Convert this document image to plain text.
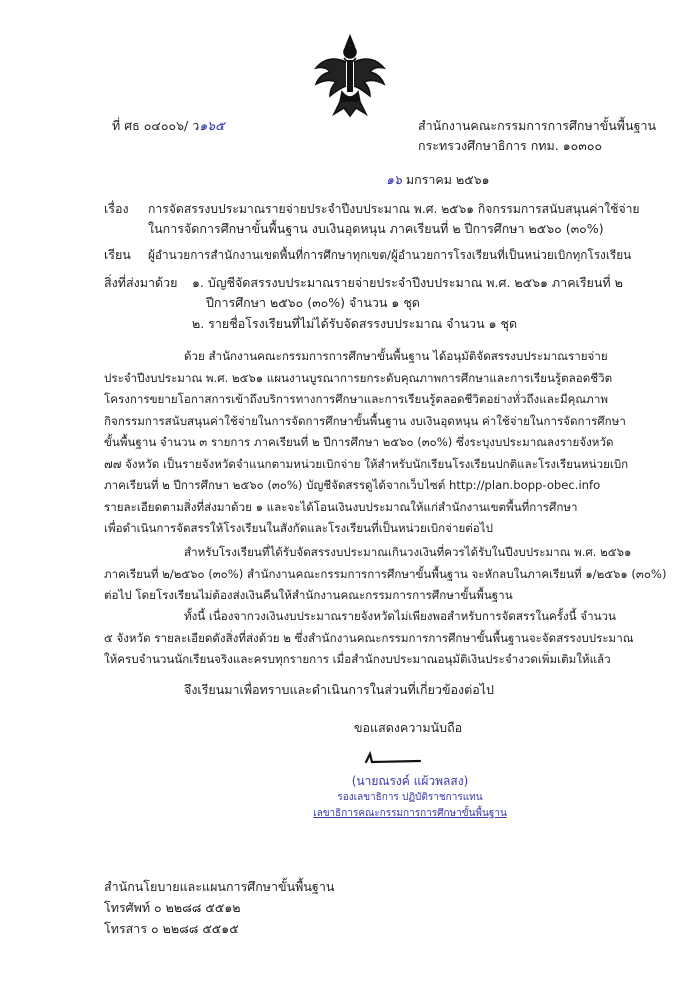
ที่ ศธ ๐๔๐๐๖/ ว๑๖๕	สำนักงานคณะกรรมการการศึกษาขั้นพื้นฐาน
กระทรวงศึกษาธิการ กทม. ๑๐๓๐๐
๑๖ มกราคม ๒๕๖๑
เรื่อง การจัดสรรงบประมาณรายจ่ายประจำปีงบประมาณ พ.ศ. ๒๕๖๑ กิจกรรมการสนับสนุนค่าใช้จ่าย
ในการจัดการศึกษาขั้นพื้นฐาน งบเงินอุดหนุน ภาคเรียนที่ ๒ ปีการศึกษา ๒๕๖๐ (๓๐%)
เรียน ผู้อำนวยการสำนักงานเขตพื้นที่การศึกษาทุกเขต/ผู้อำนวยการโรงเรียนที่เป็นหน่วยเบิกทุกโรงเรียน
สิ่งที่ส่งมาด้วย ๑. บัญชีจัดสรรงบประมาณรายจ่ายประจำปีงบประมาณ พ.ศ. ๒๕๖๑ ภาคเรียนที่ ๒
ปีการศึกษา ๒๕๖๐ (๓๐%) จำนวน ๑ ชุด
๒. รายชื่อโรงเรียนที่ไม่ได้รับจัดสรรงบประมาณ จำนวน ๑ ชุด
ด้วย สำนักงานคณะกรรมการการศึกษาขั้นพื้นฐาน ได้อนุมัติจัดสรรงบประมาณรายจ่าย
ประจำปีงบประมาณ พ.ศ. ๒๕๖๑ แผนงานบูรณาการยกระดับคุณภาพการศึกษาและการเรียนรู้ตลอดชีวิต
โครงการขยายโอกาสการเข้าถึงบริการทางการศึกษาและการเรียนรู้ตลอดชีวิตอย่างทั่วถึงและมีคุณภาพ
กิจกรรมการสนับสนุนค่าใช้จ่ายในการจัดการศึกษาขั้นพื้นฐาน งบเงินอุดหนุน ค่าใช้จ่ายในการจัดการศึกษา
ขั้นพื้นฐาน จำนวน ๓ รายการ ภาคเรียนที่ ๒ ปีการศึกษา ๒๕๖๐ (๓๐%) ซึ่งระบุงบประมาณลงรายจังหวัด
๗๗ จังหวัด เป็นรายจังหวัดจำแนกตามหน่วยเบิกจ่าย ให้สำหรับนักเรียนโรงเรียนปกติและโรงเรียนหน่วยเบิก
ภาคเรียนที่ ๒ ปีการศึกษา ๒๕๖๐ (๓๐%) บัญชีจัดสรรดูได้จากเว็บไซต์ http://plan.bopp-obec.info
รายละเอียดตามสิ่งที่ส่งมาด้วย ๑ และจะได้โอนเงินงบประมาณให้แก่สำนักงานเขตพื้นที่การศึกษา
เพื่อดำเนินการจัดสรรให้โรงเรียนในสังกัดและโรงเรียนที่เป็นหน่วยเบิกจ่ายต่อไป
สำหรับโรงเรียนที่ได้รับจัดสรรงบประมาณเกินวงเงินที่ควรได้รับในปีงบประมาณ พ.ศ. ๒๕๖๑
ภาคเรียนที่ ๒/๒๕๖๐ (๓๐%) สำนักงานคณะกรรมการการศึกษาขั้นพื้นฐาน จะหักลบในภาคเรียนที่ ๑/๒๕๖๑ (๓๐%)
ต่อไป โดยโรงเรียนไม่ต้องส่งเงินคืนให้สำนักงานคณะกรรมการการศึกษาขั้นพื้นฐาน
ทั้งนี้ เนื่องจากวงเงินงบประมาณรายจังหวัดไม่เพียงพอสำหรับการจัดสรรในครั้งนี้ จำนวน
๕ จังหวัด รายละเอียดดังสิ่งที่ส่งด้วย ๒ ซึ่งสำนักงานคณะกรรมการการศึกษาขั้นพื้นฐานจะจัดสรรงบประมาณ
ให้ครบจำนวนนักเรียนจริงและครบทุกรายการ เมื่อสำนักงบประมาณอนุมัติเงินประจำงวดเพิ่มเติมให้แล้ว
จึงเรียนมาเพื่อทราบและดำเนินการในส่วนที่เกี่ยวข้องต่อไป
ขอแสดงความนับถือ
(นายณรงค์ แผ้วพลสง)
รองเลขาธิการ ปฏิบัติราชการแทน
เลขาธิการคณะกรรมการการศึกษาขั้นพื้นฐาน
สำนักนโยบายและแผนการศึกษาขั้นพื้นฐาน
โทรศัพท์ ๐ ๒๒๘๘ ๕๕๑๒
โทรสาร ๐ ๒๒๘๘ ๕๕๑๕
